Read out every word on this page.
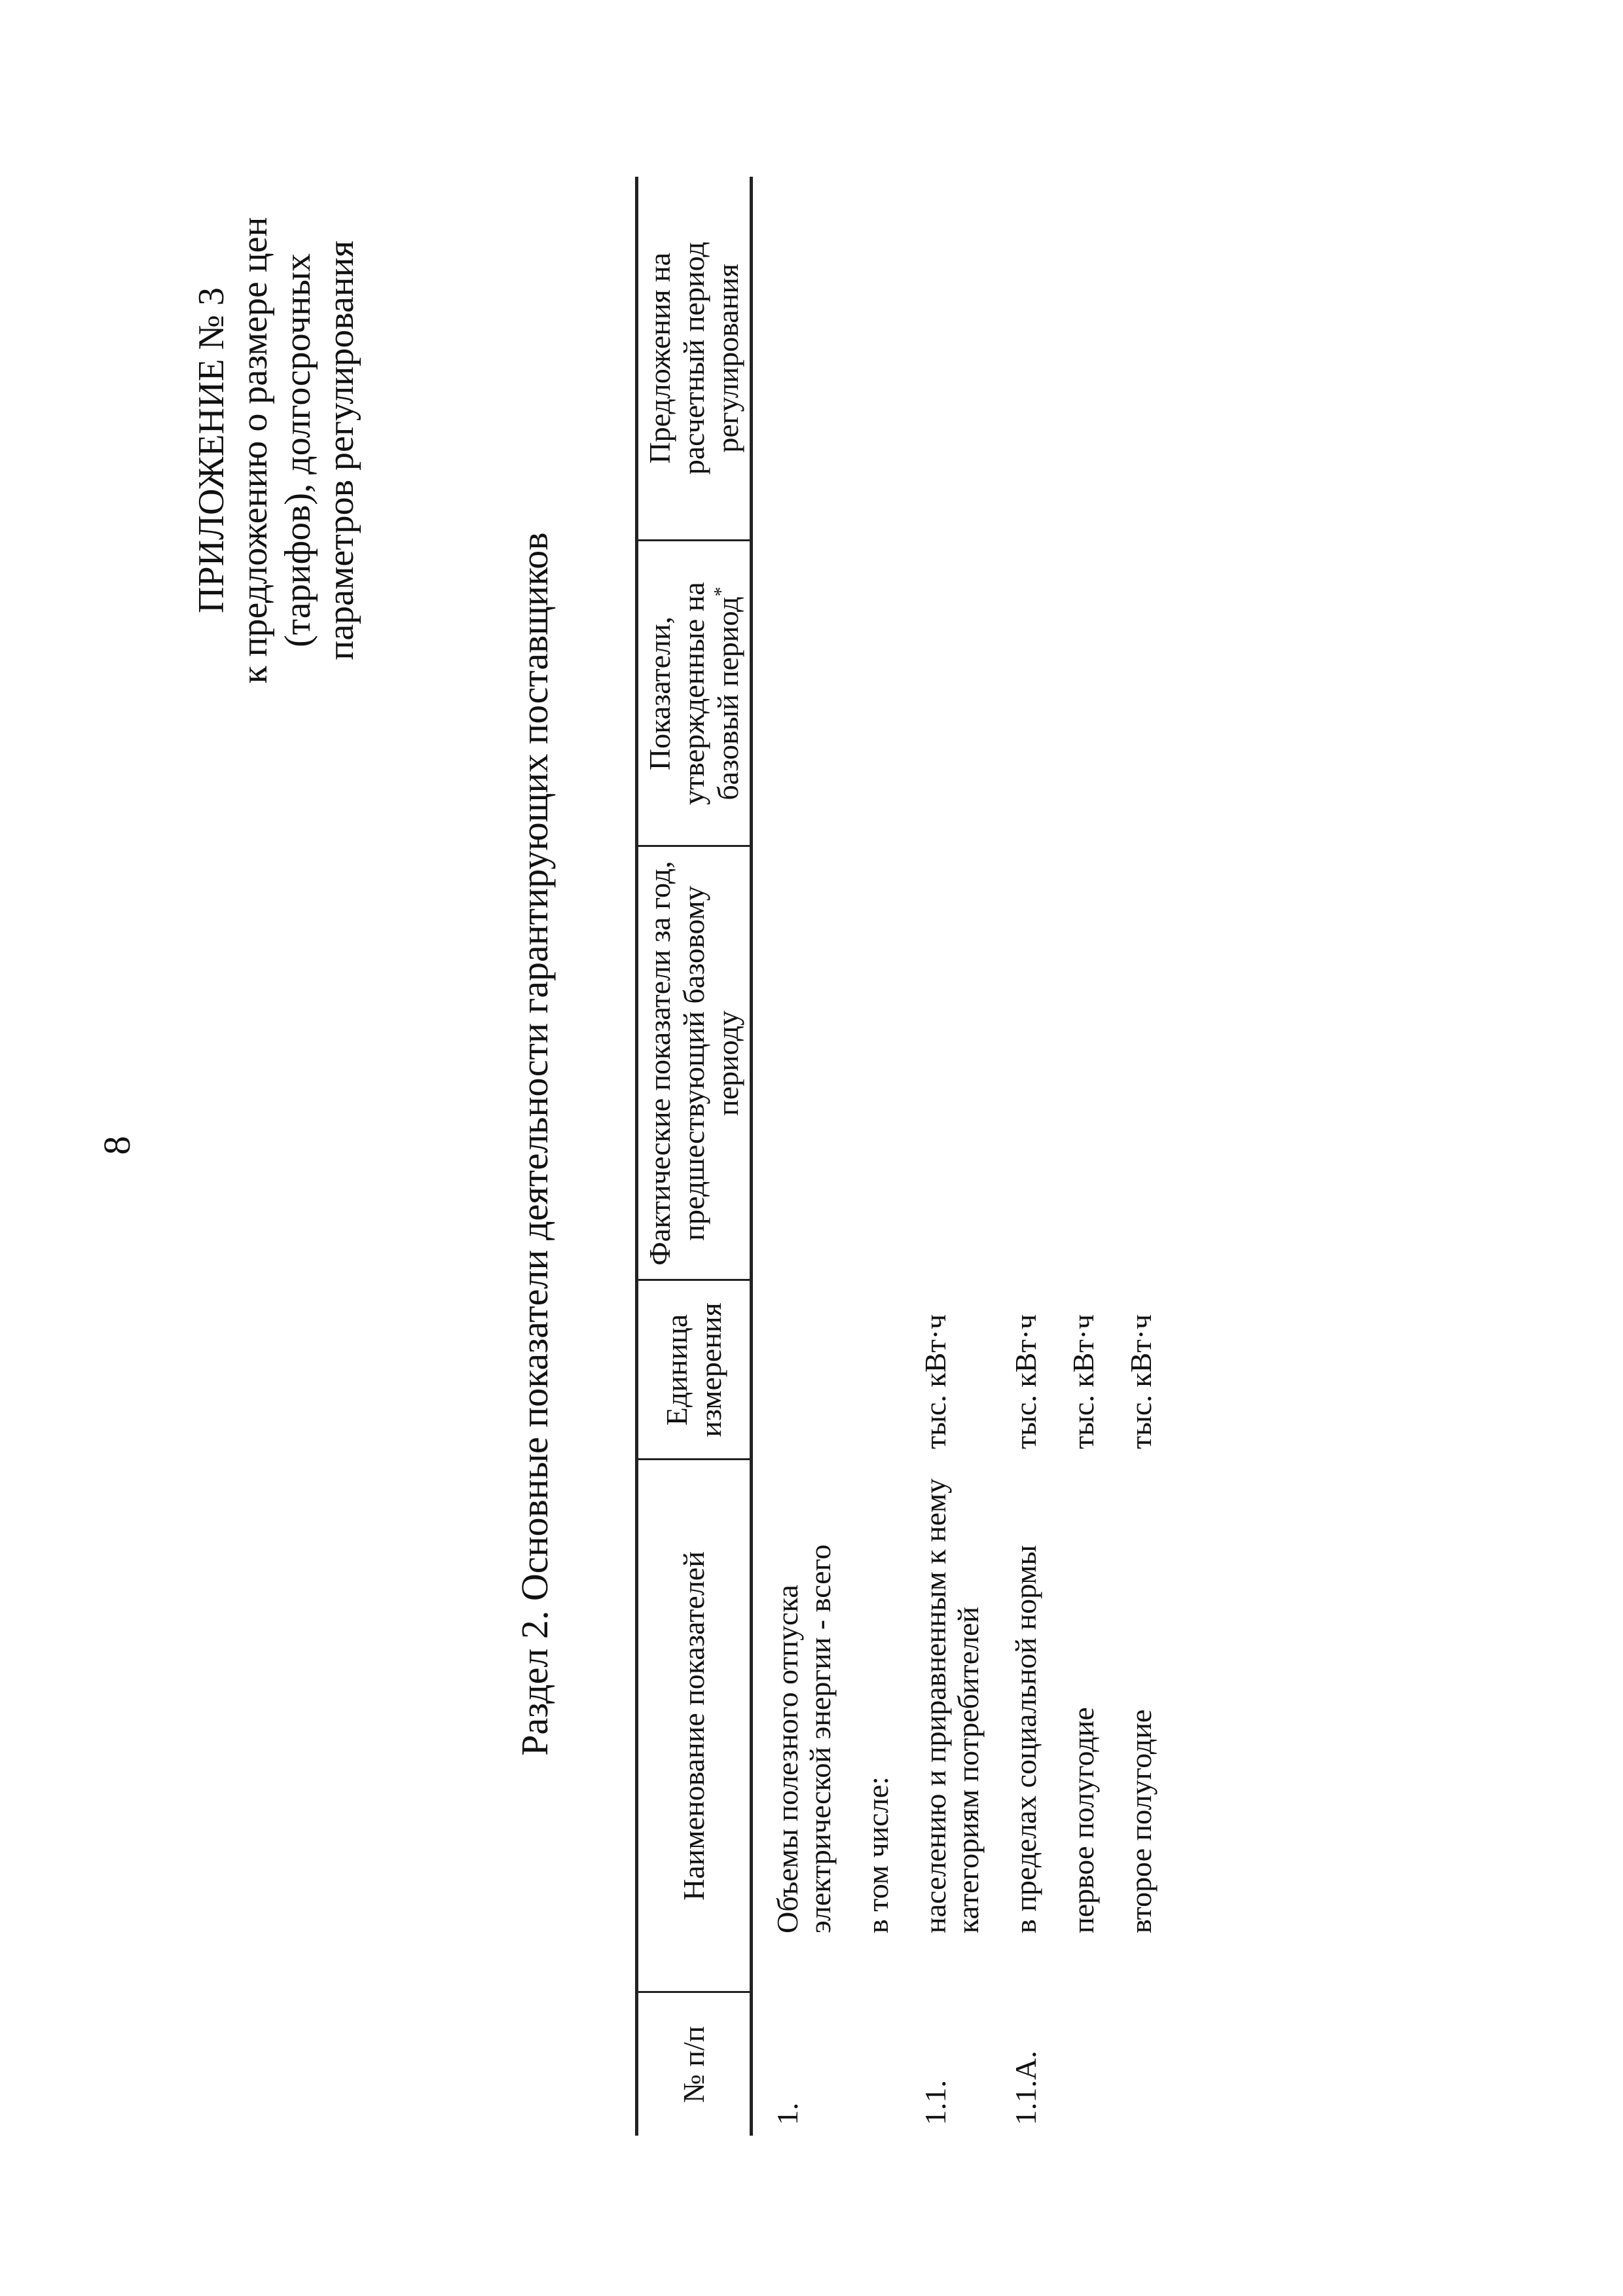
8
ПРИЛОЖЕНИЕ № 3 к предложению о размере цен (тарифов), долгосрочных параметров регулирования
Раздел 2. Основные показатели деятельности гарантирующих поставщиков
№ п/п	Наименование показателей	Единица измерения	Фактические показатели за год, предшествующий базовому периоду	Показатели, утвержденные на базовый период*	Предложения на расчетный период регулирования
1.	Объемы полезного отпуска электрической энергии - всего				
	в том числе:				
1.1.	населению и приравненным к нему категориям потребителей	тыс. кВт·ч			
1.1.А.	в пределах социальной нормы	тыс. кВт·ч			
	первое полугодие	тыс. кВт·ч			
	второе полугодие	тыс. кВт·ч			
